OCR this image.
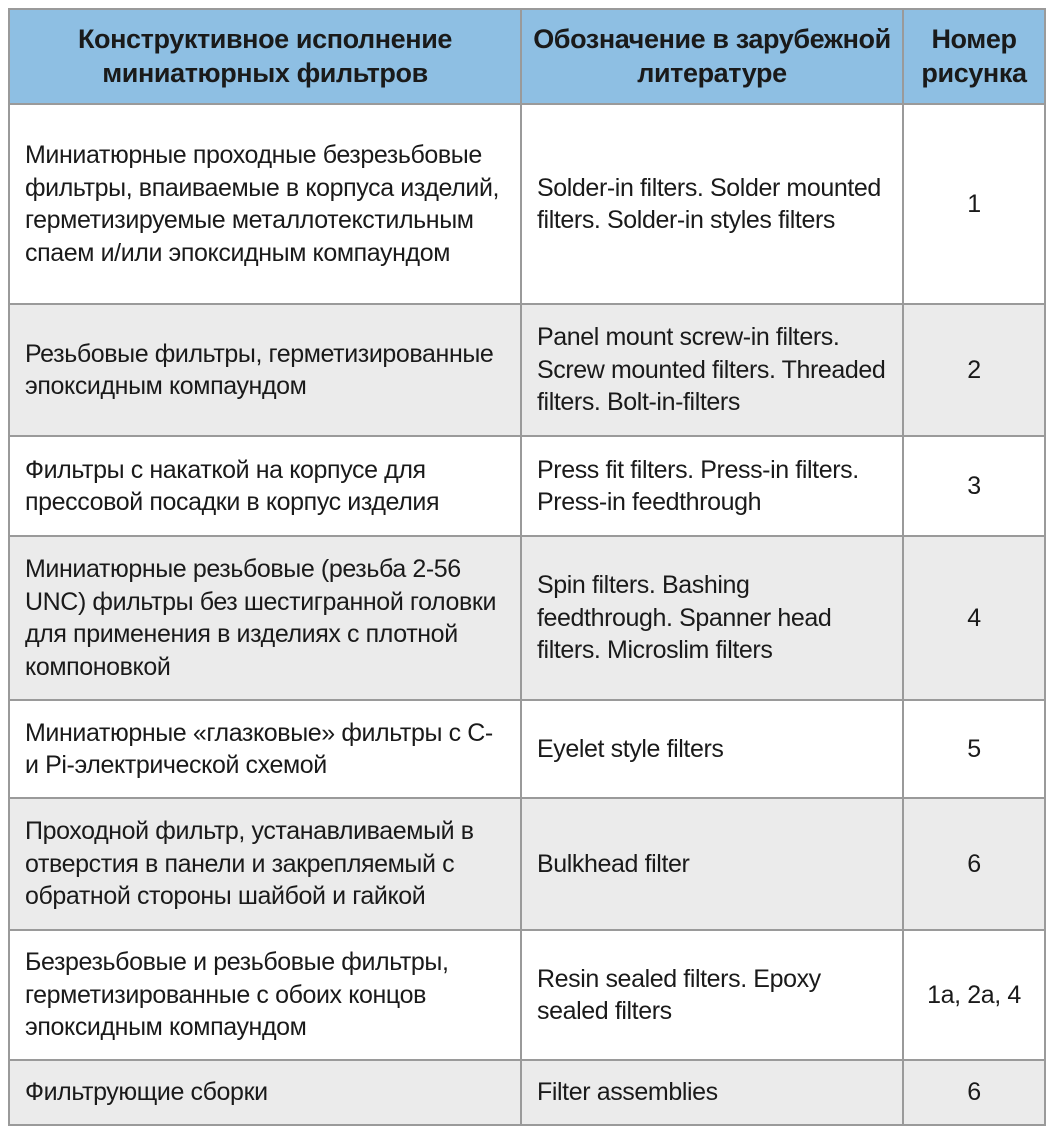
Конструктивное исполнение миниатюрных фильтров	Обозначение в зарубежной литературе	Номер рисунка
Миниатюрные проходные безрезьбовые фильтры, впаиваемые в корпуса изделий, герметизируемые металлотекстильным спаем и/или эпоксидным компаундом	Solder-in filters. Solder mounted filters. Solder-in styles filters	1
Резьбовые фильтры, герметизированные эпоксидным компаундом	Panel mount screw-in filters. Screw mounted filters. Threaded filters. Bolt-in-filters	2
Фильтры с накаткой на корпусе для прессовой посадки в корпус изделия	Press fit filters. Press-in filters. Press-in feedthrough	3
Миниатюрные резьбовые (резьба 2-56 UNC) фильтры без шестигранной головки для применения в изделиях с плотной компоновкой	Spin filters. Bashing feedthrough. Spanner head filters. Microslim filters	4
Миниатюрные «глазковые» фильтры с С- и Pi-электрической схемой	Eyelet style filters	5
Проходной фильтр, устанавливаемый в отверстия в панели и закрепляемый с обратной стороны шайбой и гайкой	Bulkhead filter	6
Безрезьбовые и резьбовые фильтры, герметизированные с обоих концов эпоксидным компаундом	Resin sealed filters. Epoxy sealed filters	1a, 2a, 4
Фильтрующие сборки	Filter assemblies	6
